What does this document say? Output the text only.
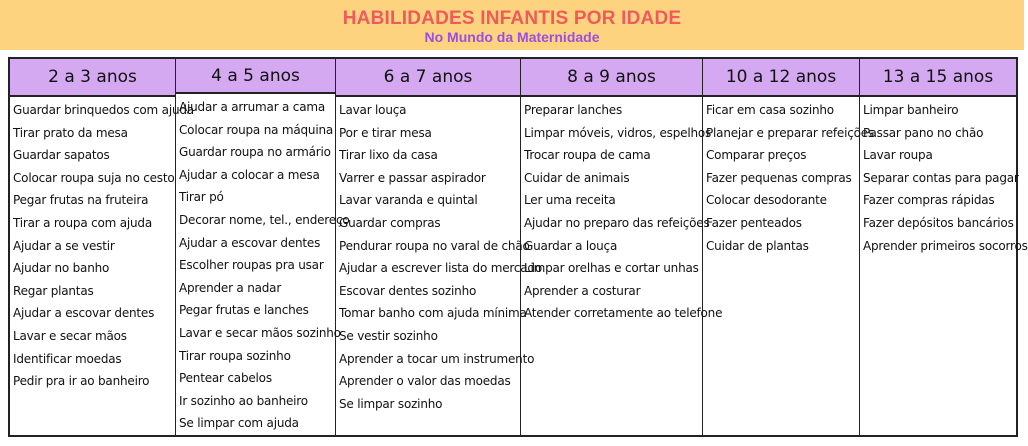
HABILIDADES INFANTIS POR IDADE
No Mundo da Maternidade
2 a 3 anos
Guardar brinquedos com ajuda
Tirar prato da mesa
Guardar sapatos
Colocar roupa suja no cesto
Pegar frutas na fruteira
Tirar a roupa com ajuda
Ajudar a se vestir
Ajudar no banho
Regar plantas
Ajudar a escovar dentes
Lavar e secar mãos
Identificar moedas
Pedir pra ir ao banheiro
4 a 5 anos
Ajudar a arrumar a cama
Colocar roupa na máquina
Guardar roupa no armário
Ajudar a colocar a mesa
Tirar pó
Decorar nome, tel., endereço
Ajudar a escovar dentes
Escolher roupas pra usar
Aprender a nadar
Pegar frutas e lanches
Lavar e secar mãos sozinho
Tirar roupa sozinho
Pentear cabelos
Ir sozinho ao banheiro
Se limpar com ajuda
6 a 7 anos
Lavar louça
Por e tirar mesa
Tirar lixo da casa
Varrer e passar aspirador
Lavar varanda e quintal
Guardar compras
Pendurar roupa no varal de chão
Ajudar a escrever lista do mercado
Escovar dentes sozinho
Tomar banho com ajuda mínima
Se vestir sozinho
Aprender a tocar um instrumento
Aprender o valor das moedas
Se limpar sozinho
8 a 9 anos
Preparar lanches
Limpar móveis, vidros, espelhos
Trocar roupa de cama
Cuidar de animais
Ler uma receita
Ajudar no preparo das refeições
Guardar a louça
Limpar orelhas e cortar unhas
Aprender a costurar
Atender corretamente ao telefone
10 a 12 anos
Ficar em casa sozinho
Planejar e preparar refeições
Comparar preços
Fazer pequenas compras
Colocar desodorante
Fazer penteados
Cuidar de plantas
13 a 15 anos
Limpar banheiro
Passar pano no chão
Lavar roupa
Separar contas para pagar
Fazer compras rápidas
Fazer depósitos bancários
Aprender primeiros socorros
